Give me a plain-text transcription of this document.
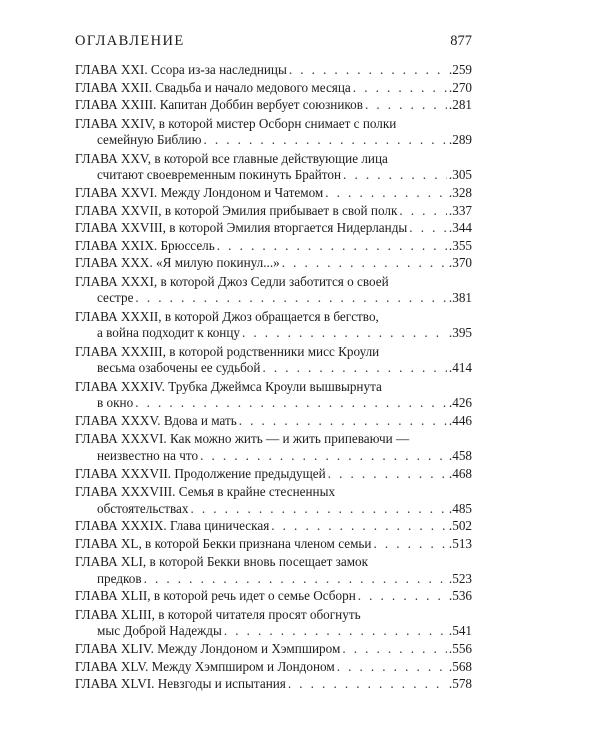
ОГЛАВЛЕНИЕ	877
ГЛАВА XXI. Ссора из-за наследницы . . .	.259
ГЛАВА XXII. Свадьба и начало медового месяца . . .	.270
ГЛАВА XXIII. Капитан Доббин вербует союзников . . .	.281
ГЛАВА XXIV, в которой мистер Осборн снимает с полки
семейную Библию . . .	.289
ГЛАВА XXV, в которой все главные действующие лица
считают своевременным покинуть Брайтон . . .	.305
ГЛАВА XXVI. Между Лондоном и Чатемом . . .	.328
ГЛАВА XXVII, в которой Эмилия прибывает в свой полк . . .	.337
ГЛАВА XXVIII, в которой Эмилия вторгается Нидерланды . . .	.344
ГЛАВА XXIX. Брюссель . . .	.355
ГЛАВА XXX. «Я милую покинул...» . . .	.370
ГЛАВА XXXI, в которой Джоз Седли заботится о своей
сестре . . .	.381
ГЛАВА XXXII, в которой Джоз обращается в бегство,
а война подходит к концу . . .	.395
ГЛАВА XXXIII, в которой родственники мисс Кроули
весьма озабочены ее судьбой . . .	.414
ГЛАВА XXXIV. Трубка Джеймса Кроули вышвырнута
в окно . . .	.426
ГЛАВА XXXV. Вдова и мать . . .	.446
ГЛАВА XXXVI. Как можно жить — и жить припеваючи —
неизвестно на что . . .	.458
ГЛАВА XXXVII. Продолжение предыдущей . . .	.468
ГЛАВА XXXVIII. Семья в крайне стесненных
обстоятельствах . . .	.485
ГЛАВА XXXIX. Глава циническая . . .	.502
ГЛАВА XL, в которой Бекки признана членом семьи . . .	.513
ГЛАВА XLI, в которой Бекки вновь посещает замок
предков . . .	.523
ГЛАВА XLII, в которой речь идет о семье Осборн . . .	.536
ГЛАВА XLIII, в которой читателя просят обогнуть
мыс Доброй Надежды . . .	.541
ГЛАВА XLIV. Между Лондоном и Хэмпширом . . .	.556
ГЛАВА XLV. Между Хэмпширом и Лондоном . . .	.568
ГЛАВА XLVI. Невзгоды и испытания . . .	.578
